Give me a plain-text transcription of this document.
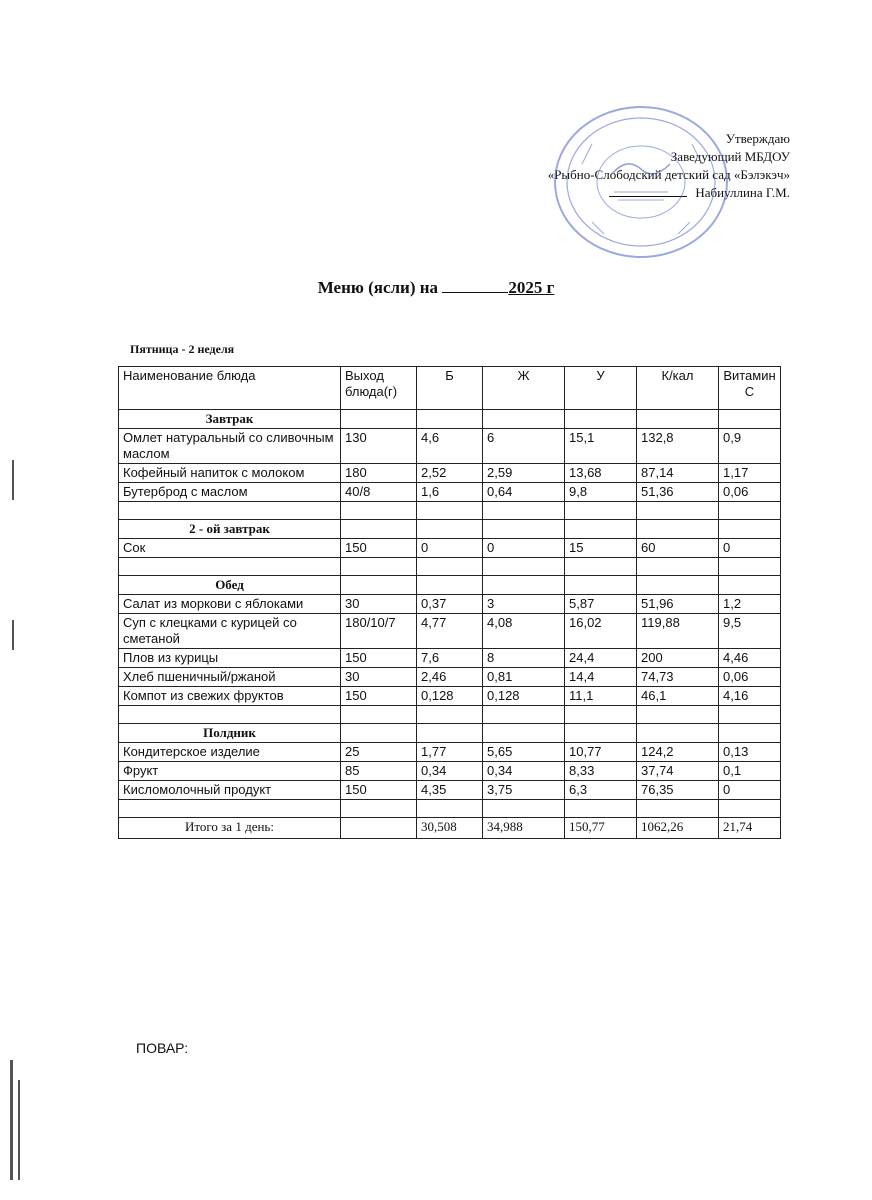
Утверждаю
Заведующий МБДОУ
«Рыбно-Слободский детский сад «Бэлэкэч»
Набиуллина Г.М.
Меню (ясли) на	2025 г
Пятница - 2 неделя
Наименование блюда	Выход блюда(г)	Б	Ж	У	К/кал	Витамин С
Завтрак						
Омлет натуральный со сливочным маслом	130	4,6	6	15,1	132,8	0,9
Кофейный напиток с молоком	180	2,52	2,59	13,68	87,14	1,17
Бутерброд с маслом	40/8	1,6	0,64	9,8	51,36	0,06

2 - ой завтрак						
Сок	150	0	0	15	60	0

Обед						
Салат из моркови с яблоками	30	0,37	3	5,87	51,96	1,2
Суп с клецками с курицей со сметаной	180/10/7	4,77	4,08	16,02	119,88	9,5
Плов из курицы	150	7,6	8	24,4	200	4,46
Хлеб пшеничный/ржаной	30	2,46	0,81	14,4	74,73	0,06
Компот из свежих фруктов	150	0,128	0,128	11,1	46,1	4,16

Полдник						
Кондитерское изделие	25	1,77	5,65	10,77	124,2	0,13
Фрукт	85	0,34	0,34	8,33	37,74	0,1
Кисломолочный продукт	150	4,35	3,75	6,3	76,35	0

Итого за 1 день:		30,508	34,988	150,77	1062,26	21,74
ПОВАР:
